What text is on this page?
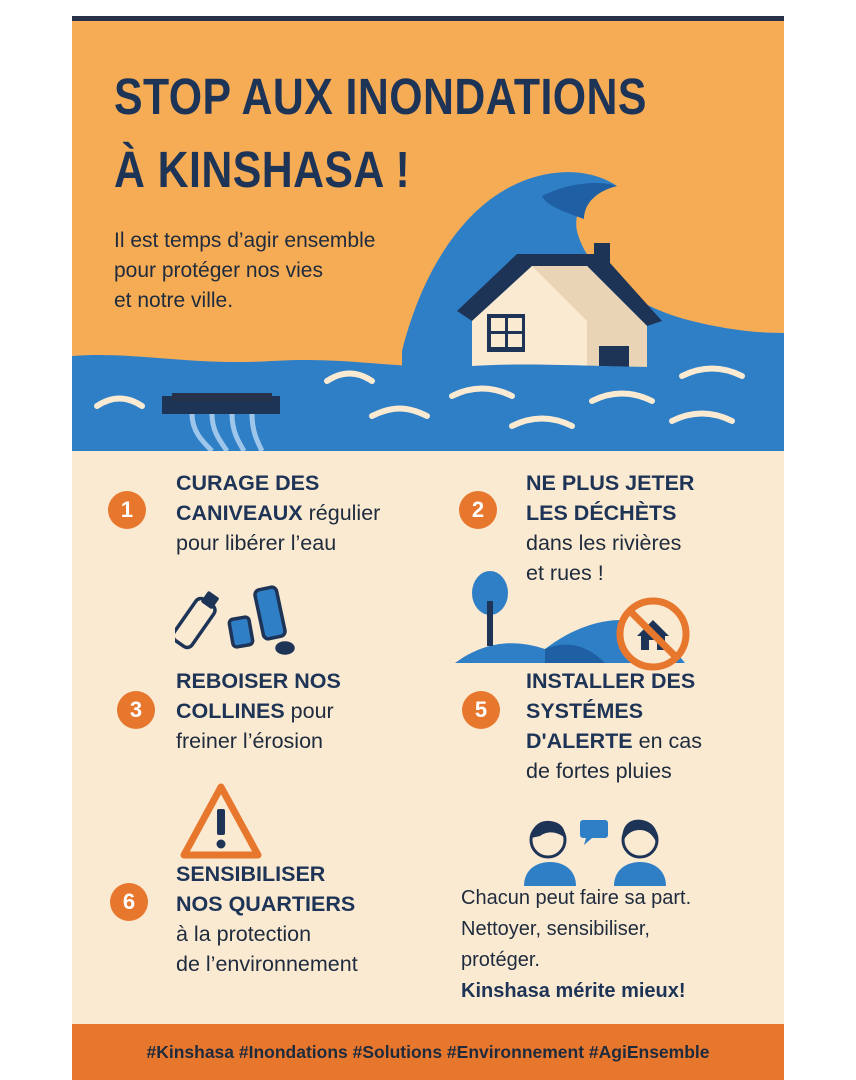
STOP AUX INONDATIONS
À KINSHASA !
Il est temps d’agir ensemble
pour protéger nos vies
et notre ville.
1
CURAGE DES
CANIVEAUX régulier
pour libérer l’eau
2
NE PLUS JETER
LES DÉCHÈTS
dans les rivières
et rues !
3
REBOISER NOS
COLLINES pour
freiner l’érosion
5
INSTALLER DES
SYSTÉMES
D'ALERTE en cas
de fortes pluies
6
SENSIBILISER
NOS QUARTIERS
à la protection
de l’environnement
Chacun peut faire sa part.
Nettoyer, sensibiliser,
protéger.
Kinshasa mérite mieux!
#Kinshasa #Inondations #Solutions #Environnement #AgiEnsemble
